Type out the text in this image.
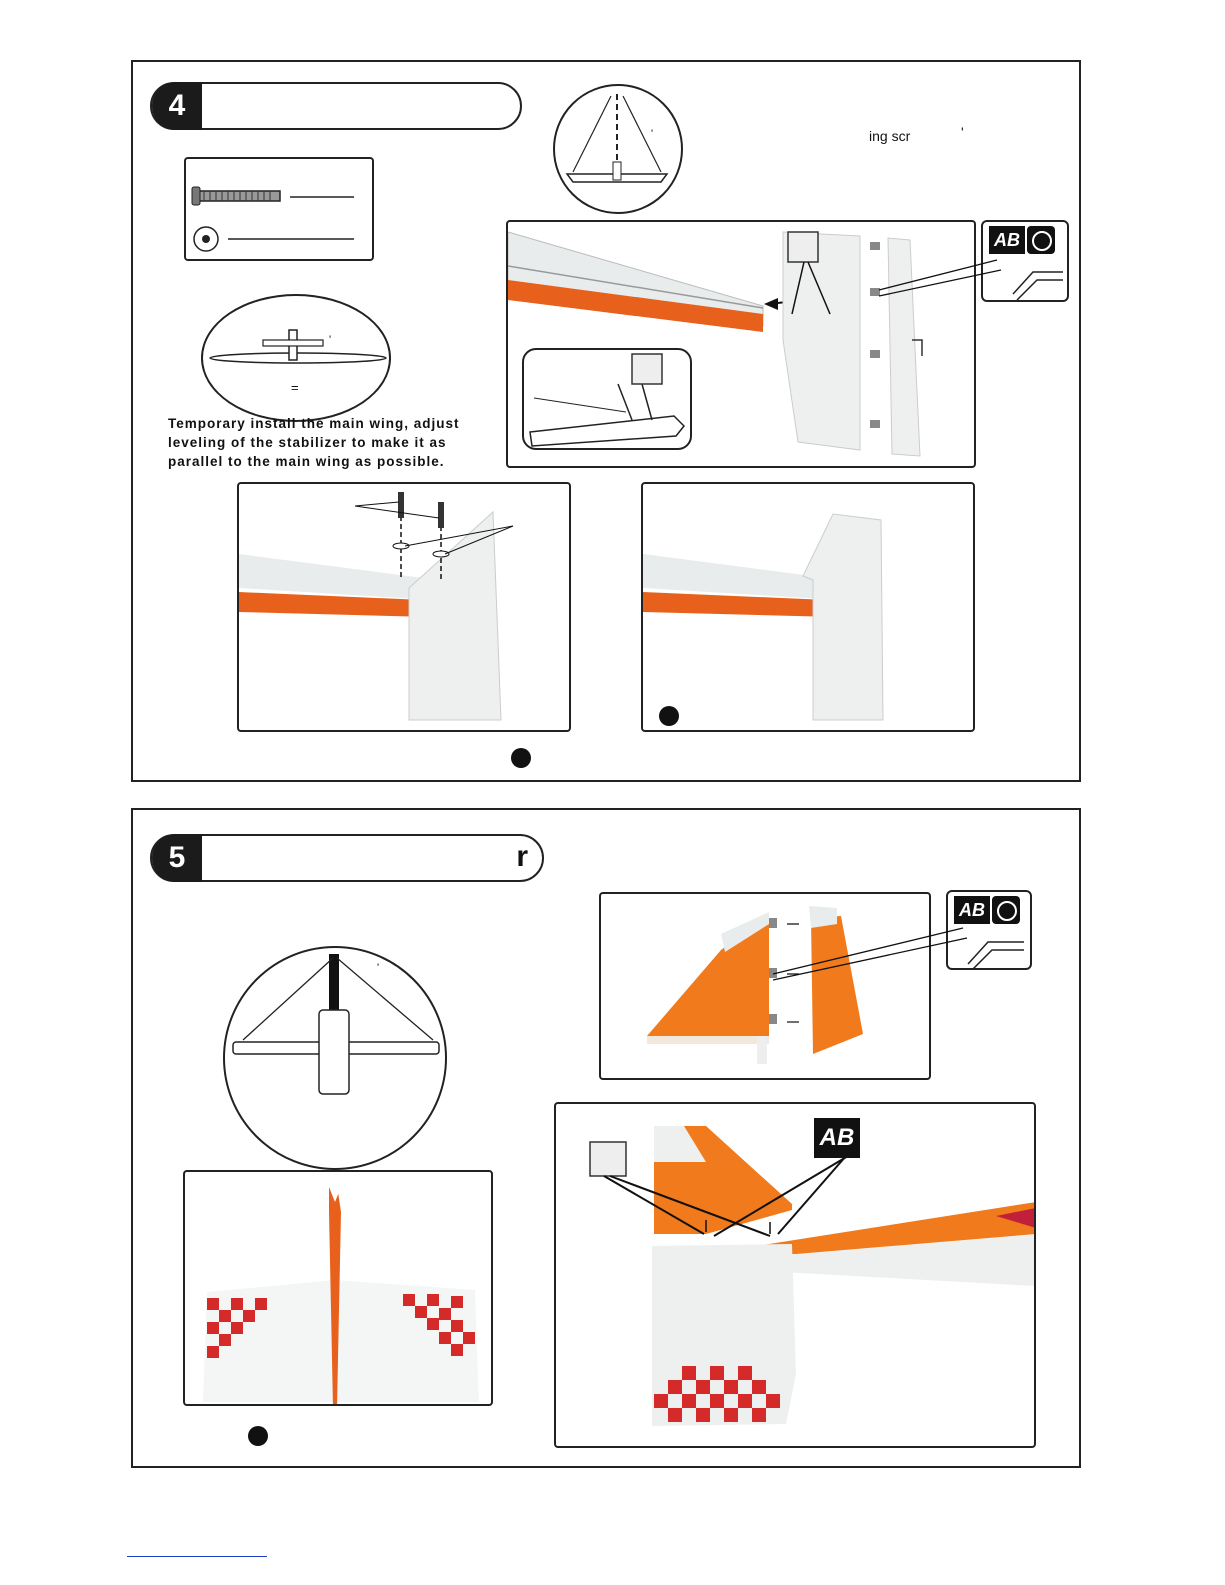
4
'
=
Temporary install the main wing, adjust
leveling of the stabilizer to make it as
parallel to the main wing as possible.
'	ing scr	'
AB
5	r
'
AB
AB
